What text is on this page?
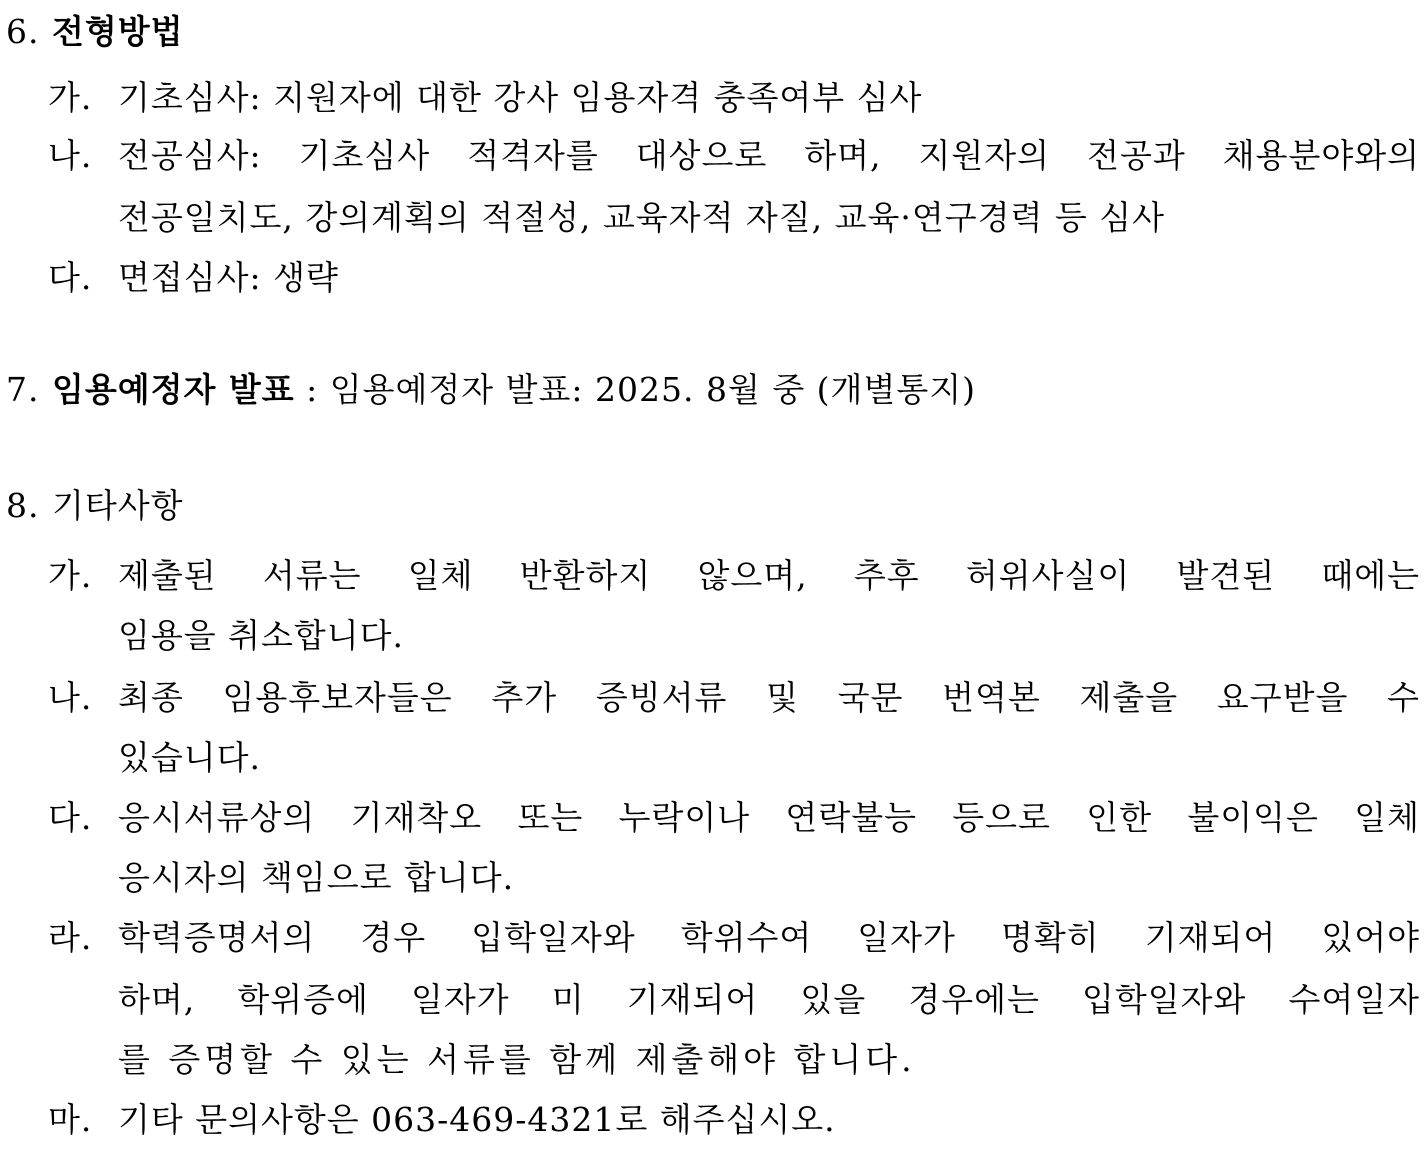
6. 전형방법
가. 기초심사: 지원자에 대한 강사 임용자격 충족여부 심사
나. 전공심사: 기초심사 적격자를 대상으로 하며, 지원자의 전공과 채용분야와의
전공일치도, 강의계획의 적절성, 교육자적 자질, 교육·연구경력 등 심사
다. 면접심사: 생략
7. 임용예정자 발표 : 임용예정자 발표: 2025. 8월 중 (개별통지)
8. 기타사항
가. 제출된 서류는 일체 반환하지 않으며, 추후 허위사실이 발견된 때에는
임용을 취소합니다.
나. 최종 임용후보자들은 추가 증빙서류 및 국문 번역본 제출을 요구받을 수
있습니다.
다. 응시서류상의 기재착오 또는 누락이나 연락불능 등으로 인한 불이익은 일체
응시자의 책임으로 합니다.
라. 학력증명서의 경우 입학일자와 학위수여 일자가 명확히 기재되어 있어야
하며, 학위증에 일자가 미 기재되어 있을 경우에는 입학일자와 수여일자
를 증명할 수 있는 서류를 함께 제출해야 합니다.
마. 기타 문의사항은 063-469-4321로 해주십시오.
